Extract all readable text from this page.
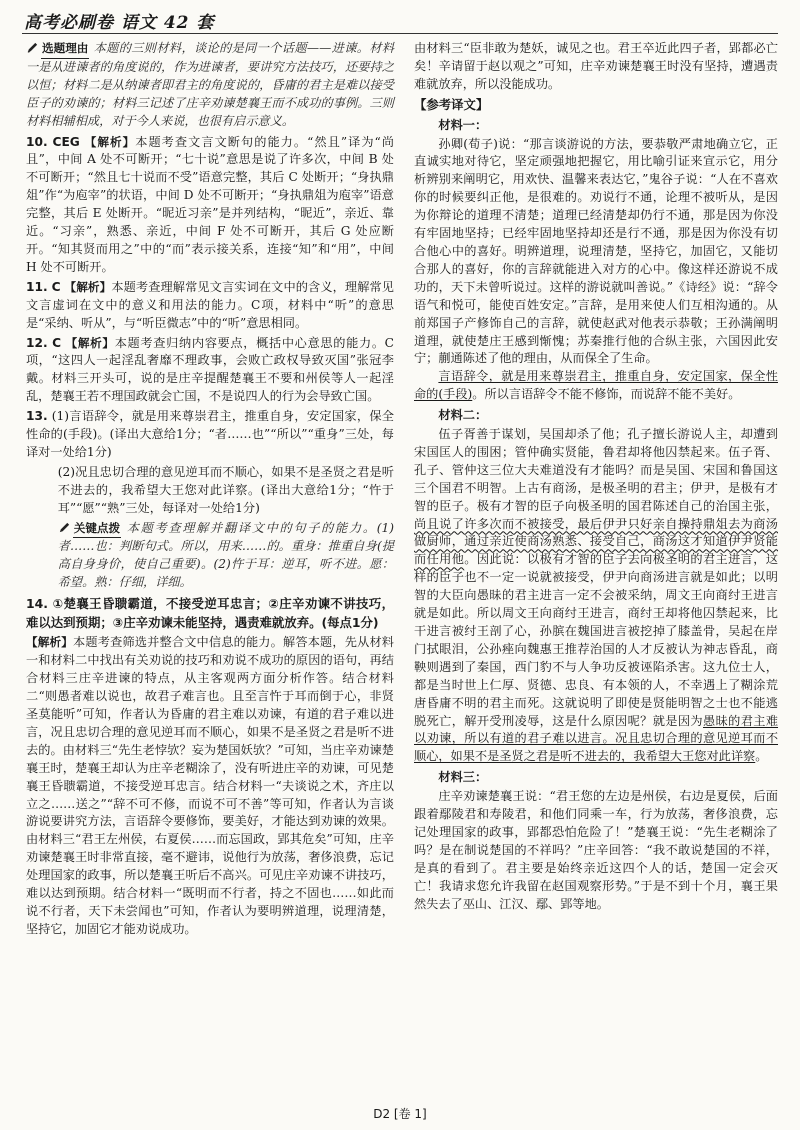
高考必刷卷 语文 42 套

选题理由 本题的三则材料，谈论的是同一个话题——进谏。材料一是从进谏者的角度说的，作为进谏者，要讲究方法技巧，还要持之以恒；材料二是从纳谏者即君主的角度说的，昏庸的君主是难以接受臣子的劝谏的；材料三记述了庄辛劝谏楚襄王而不成功的事例。三则材料相辅相成，对于今人来说，也很有启示意义。

10. CEG 【解析】本题考查文言文断句的能力。“然且”译为“尚且”，中间 A 处不可断开；“七十说”意思是说了许多次，中间 B 处不可断开；“然且七十说而不受”语意完整，其后 C 处断开；“身执鼎俎”作“为庖宰”的状语，中间 D 处不可断开；“身执鼎俎为庖宰”语意完整，其后 E 处断开。“昵近习亲”是并列结构，“昵近”，亲近、靠近。“习亲”，熟悉、亲近，中间 F 处不可断开，其后 G 处应断开。“知其贤而用之”中的“而”表示接关系，连接“知”和“用”，中间 H 处不可断开。

11. C 【解析】本题考查理解常见文言实词在文中的含义，理解常见文言虚词在文中的意义和用法的能力。C项，材料中“听”的意思是“采纳、听从”，与“听臣微志”中的“听”意思相同。

12. C 【解析】本题考查归纳内容要点，概括中心意思的能力。C项，“这四人一起淫乱奢靡不理政事，会败亡政权导致灭国”张冠李戴。材料三开头可，说的是庄辛提醒楚襄王不要和州侯等人一起淫乱，楚襄王若不理国政就会亡国，不是说四人的行为会导致亡国。

13. (1)言语辞令，就是用来尊崇君主，推重自身，安定国家，保全性命的(手段)。(译出大意给1分；“者……也”“所以”“重身”三处，每译对一处给1分)

(2)况且忠切合理的意见逆耳而不顺心，如果不是圣贤之君是听不进去的，我希望大王您对此详察。(译出大意给1分；“忤于耳”“愿”“熟”三处，每译对一处给1分)

关键点拨 本题考查理解并翻译文中的句子的能力。(1)者……也：判断句式。所以，用来……的。重身：推重自身(提高自身身价，使自己重要)。(2)忤于耳：逆耳，听不进。愿：希望。熟：仔细，详细。

14. ①楚襄王昏聩霸道，不接受逆耳忠言；②庄辛劝谏不讲技巧，难以达到预期；③庄辛劝谏未能坚持，遇责难就放弃。(每点1分)

【解析】本题考查筛选并整合文中信息的能力。解答本题，先从材料一和材料二中找出有关劝说的技巧和劝说不成功的原因的语句，再结合材料三庄辛进谏的特点，从主客观两方面分析作答。结合材料二“则愚者难以说也，故君子难言也。且至言忤于耳而倒于心，非贤圣莫能听”可知，作者认为昏庸的君主难以劝谏，有道的君子难以进言，况且忠切合理的意见逆耳而不顺心，如果不是圣贤之君是听不进去的。由材料三“先生老悖欤？妄为楚国妖欤？”可知，当庄辛劝谏楚襄王时，楚襄王却认为庄辛老糊涂了，没有听进庄辛的劝谏，可见楚襄王昏聩霸道，不接受逆耳忠言。结合材料一“夫谈说之术，齐庄以立之……送之”“辞不可不修，而说不可不善”等可知，作者认为言谈游说要讲究方法，言语辞令要修饰，要美好，才能达到劝谏的效果。由材料三“君王左州侯，右夏侯……而忘国政，郢其危矣”可知，庄辛劝谏楚襄王时非常直接，毫不避讳，说他行为放荡，奢侈浪费，忘记处理国家的政事，所以楚襄王听后不高兴。可见庄辛劝谏不讲技巧，难以达到预期。结合材料一“既明而不行者，持之不固也……如此而说不行者，天下未尝闻也”可知，作者认为要明辨道理，说理清楚，坚持它，加固它才能劝说成功。

由材料三“臣非敢为楚妖，诚见之也。君王卒近此四子者，郢都必亡矣！辛请留于赵以观之”可知，庄辛劝谏楚襄王时没有坚持，遭遇责难就放弃，所以没能成功。

【参考译文】

材料一：

孙卿(荀子)说：“那言谈游说的方法，要恭敬严肃地确立它，正直诚实地对待它，坚定顽强地把握它，用比喻引证来宣示它，用分析辨别来阐明它，用欢快、温馨来表达它，”鬼谷子说：“人在不喜欢你的时候要纠正他，是很难的。劝说行不通，论理不被听从，是因为你辩论的道理不清楚；道理已经清楚却仍行不通，那是因为你没有牢固地坚持；已经牢固地坚持却还是行不通，那是因为你没有切合他心中的喜好。明辨道理，说理清楚，坚持它，加固它，又能切合那人的喜好，你的言辞就能进入对方的心中。像这样还游说不成功的，天下未曾听说过。这样的游说就叫善说。”《诗经》说：“辞令语气和悦可，能使百姓安定。”言辞，是用来使人们互相沟通的。从前郑国子产修饰自己的言辞，就使赵武对他表示恭敬；王孙满阐明道理，就使楚庄王感到惭愧；苏秦推行他的合纵主张，六国因此安宁；蒯通陈述了他的理由，从而保全了生命。

言语辞令，就是用来尊崇君主，推重自身，安定国家，保全性命的(手段)。所以言语辞令不能不修饰，而说辞不能不美好。

材料二：

伍子胥善于谋划，吴国却杀了他；孔子擅长游说人主，却遭到宋国匡人的围困；管仲确实贤能，鲁君却将他囚禁起来。伍子胥、孔子、管仲这三位大夫难道没有才能吗？而是吴国、宋国和鲁国这三个国君不明智。上古有商汤，是极圣明的君主；伊尹，是极有才智的臣子。极有才智的臣子向极圣明的国君陈述自己的治国主张，尚且说了许多次而不被接受，最后伊尹只好亲自操持鼎俎去为商汤做厨师，通过亲近使商汤熟悉、接受自己，商汤这才知道伊尹贤能而任用他。因此说：以极有才智的臣子去向极圣明的君主进言，这样的臣子也不一定一说就被接受，伊尹向商汤进言就是如此；以明智的大臣向愚昧的君主进言一定不会被采纳，周文王向商纣王进言就是如此。所以周文王向商纣王进言，商纣王却将他囚禁起来，比干进言被纣王剖了心，孙膑在魏国进言被挖掉了膝盖骨，吴起在岸门拭眼泪，公孙痤向魏惠王推荐治国的人才反被认为神志昏乱，商鞅则遇到了秦国，西门豹不与人争功反被诬陷杀害。这九位士人，都是当时世上仁厚、贤德、忠良、有本领的人，不幸遇上了糊涂荒唐昏庸不明的君主而死。这就说明了即使是贤能明智之士也不能逃脱死亡，解开受刑凌辱，这是什么原因呢？就是因为愚昧的君主难以劝谏，所以有道的君子难以进言。况且忠切合理的意见逆耳而不顺心，如果不是圣贤之君是听不进去的，我希望大王您对此详察。

材料三：

庄辛劝谏楚襄王说：“君王您的左边是州侯，右边是夏侯，后面跟着鄢陵君和寿陵君，和他们同乘一车，行为放荡，奢侈浪费，忘记处理国家的政事，郢都恐怕危险了！”楚襄王说：“先生老糊涂了吗？是在制说楚国的不祥吗？”庄辛回答：“我不敢说楚国的不祥，是真的看到了。君主要是始终亲近这四个人的话，楚国一定会灭亡！我请求您允许我留在赵国观察形势。”于是不到十个月，襄王果然失去了巫山、江汉、鄢、郢等地。

D2 [卷 1]
